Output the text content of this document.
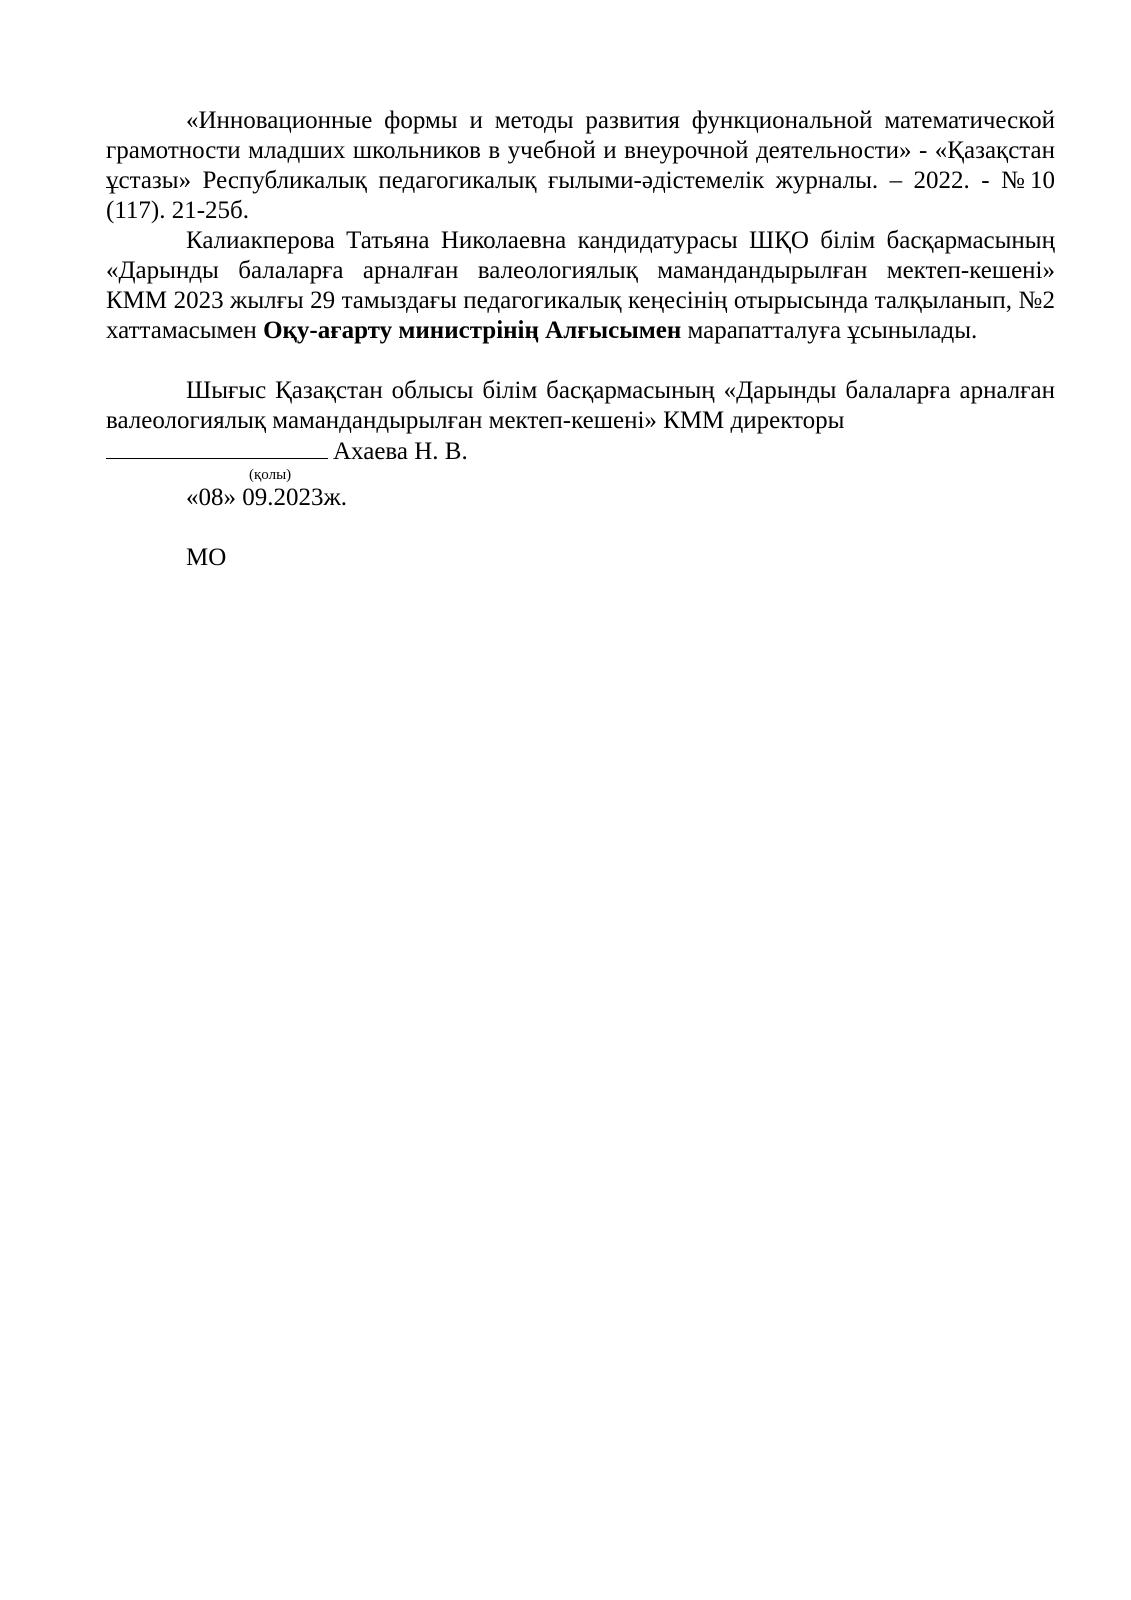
«Инновационные формы и методы развития функциональной математической грамотности младших школьников в учебной и внеурочной деятельности» - «Қазақстан ұстазы» Республикалық педагогикалық ғылыми-әдістемелік журналы. – 2022. - №10 (117). 21-25б.

Калиакперова Татьяна Николаевна кандидатурасы ШҚО білім басқармасының «Дарынды балаларға арналған валеологиялық мамандандырылған мектеп-кешені» КММ 2023 жылғы 29 тамыздағы педагогикалық кеңесінің отырысында талқыланып, №2 хаттамасымен Оқу-ағарту министрінің Алғысымен марапатталуға ұсынылады.

Шығыс Қазақстан облысы білім басқармасының «Дарынды балаларға арналған валеологиялық мамандандырылған мектеп-кешені» КММ директоры

Ахаева Н. В.

(қолы)

«08» 09.2023ж.

МО
